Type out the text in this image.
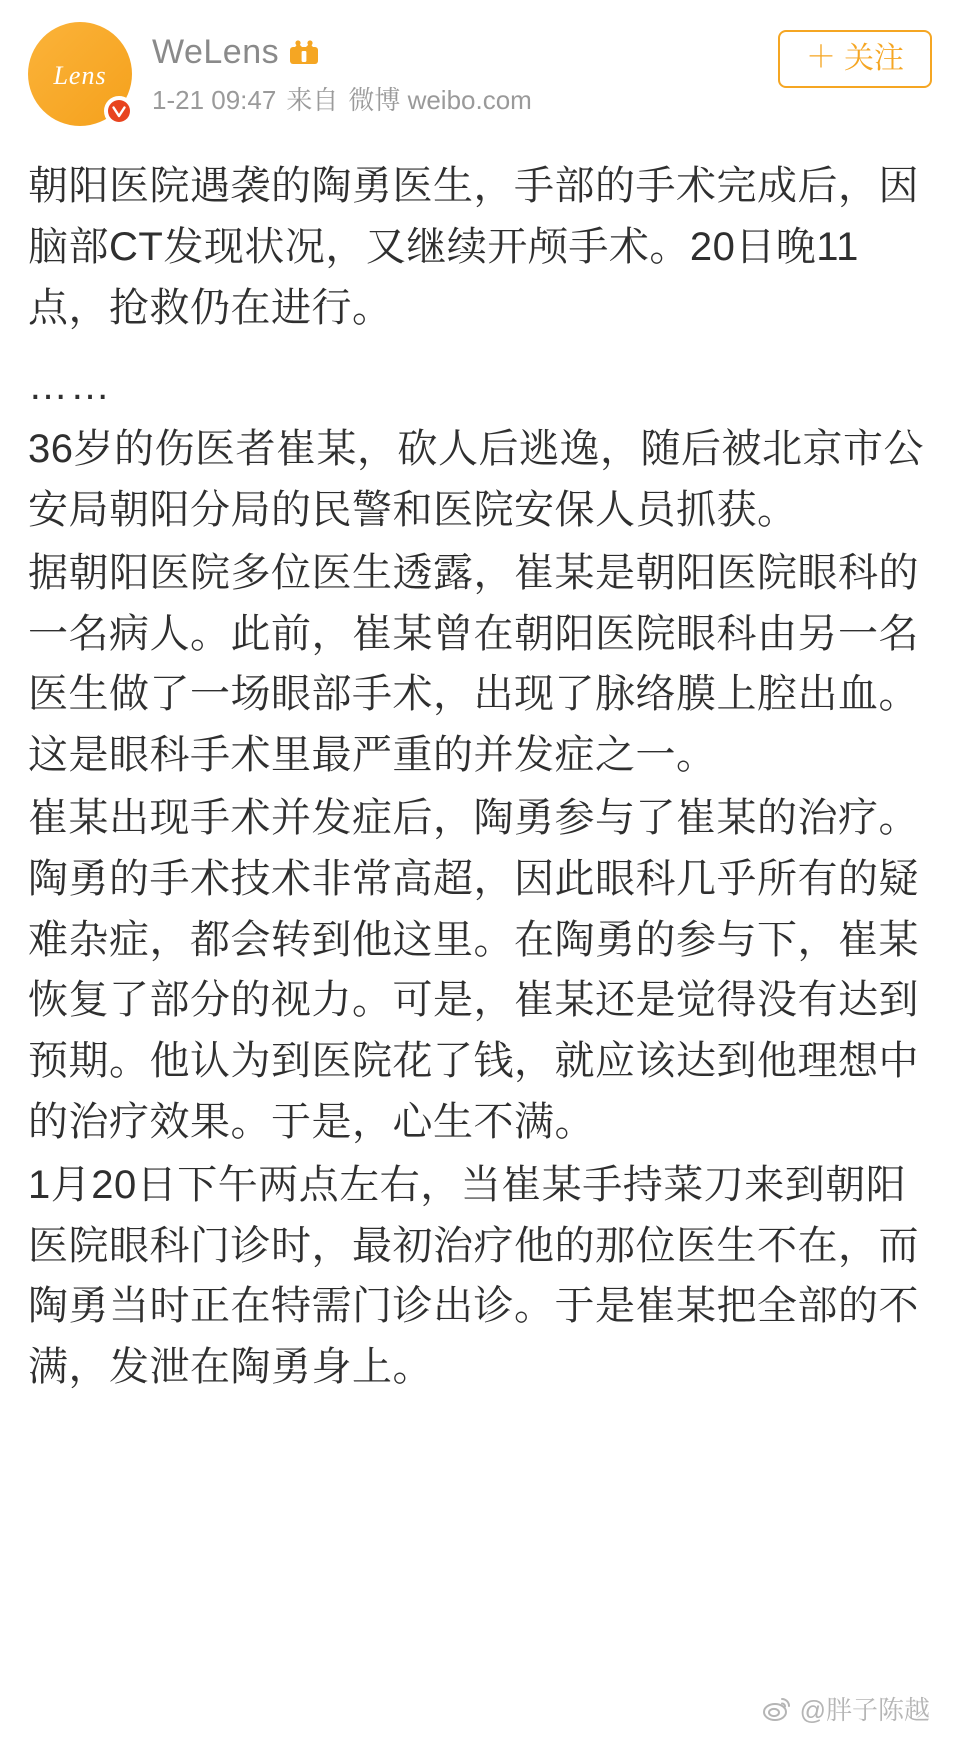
Lens
WeLens
1-21 09:47 来自 微博 weibo.com
＋ 关注

朝阳医院遇袭的陶勇医生，手部的手术完成后，因脑部CT发现状况，又继续开颅手术。20日晚11点，抢救仍在进行。

……

36岁的伤医者崔某，砍人后逃逸，随后被北京市公安局朝阳分局的民警和医院安保人员抓获。

据朝阳医院多位医生透露，崔某是朝阳医院眼科的一名病人。此前，崔某曾在朝阳医院眼科由另一名医生做了一场眼部手术，出现了脉络膜上腔出血。这是眼科手术里最严重的并发症之一。

崔某出现手术并发症后，陶勇参与了崔某的治疗。陶勇的手术技术非常高超，因此眼科几乎所有的疑难杂症，都会转到他这里。在陶勇的参与下，崔某恢复了部分的视力。可是，崔某还是觉得没有达到预期。他认为到医院花了钱，就应该达到他理想中的治疗效果。于是，心生不满。

1月20日下午两点左右，当崔某手持菜刀来到朝阳医院眼科门诊时，最初治疗他的那位医生不在，而陶勇当时正在特需门诊出诊。于是崔某把全部的不满，发泄在陶勇身上。

@胖子陈越
